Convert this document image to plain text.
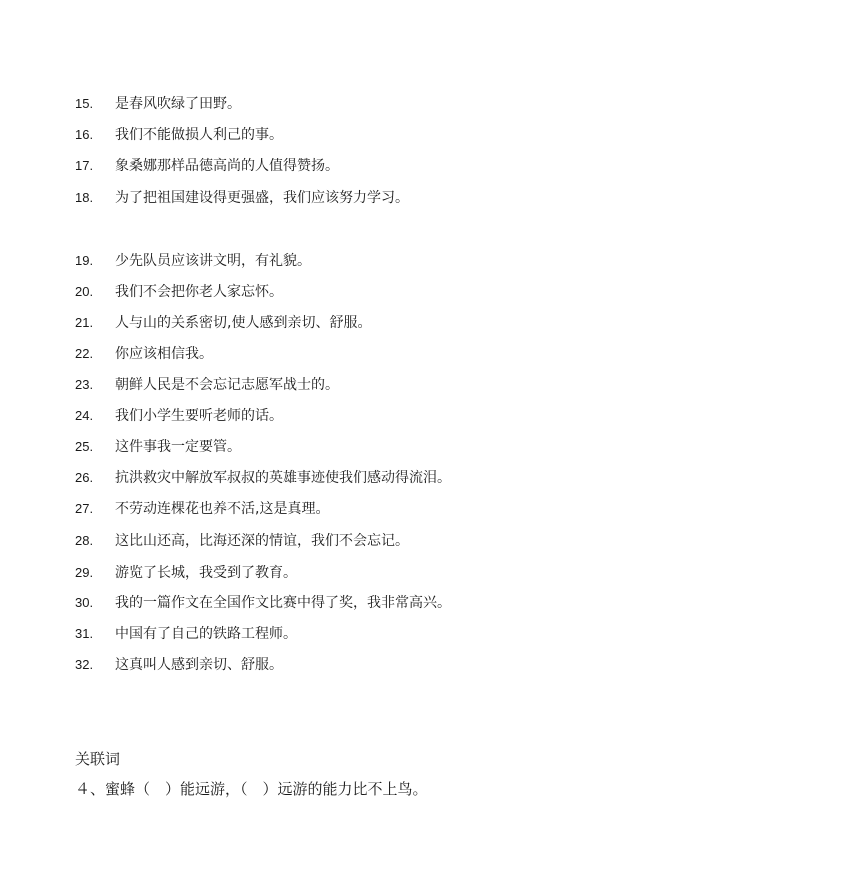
15. 是春风吹绿了田野。
16. 我们不能做损人利己的事。
17. 象桑娜那样品德高尚的人值得赞扬。
18. 为了把祖国建设得更强盛，我们应该努力学习。
19. 少先队员应该讲文明，有礼貌。
20. 我们不会把你老人家忘怀。
21. 人与山的关系密切,使人感到亲切、舒服。
22. 你应该相信我。
23. 朝鲜人民是不会忘记志愿军战士的。
24. 我们小学生要听老师的话。
25. 这件事我一定要管。
26. 抗洪救灾中解放军叔叔的英雄事迹使我们感动得流泪。
27. 不劳动连棵花也养不活,这是真理。
28. 这比山还高，比海还深的情谊，我们不会忘记。
29. 游览了长城，我受到了教育。
30. 我的一篇作文在全国作文比赛中得了奖，我非常高兴。
31. 中国有了自己的铁路工程师。
32. 这真叫人感到亲切、舒服。
关联词
４、蜜蜂（　）能远游，（　）远游的能力比不上鸟。
